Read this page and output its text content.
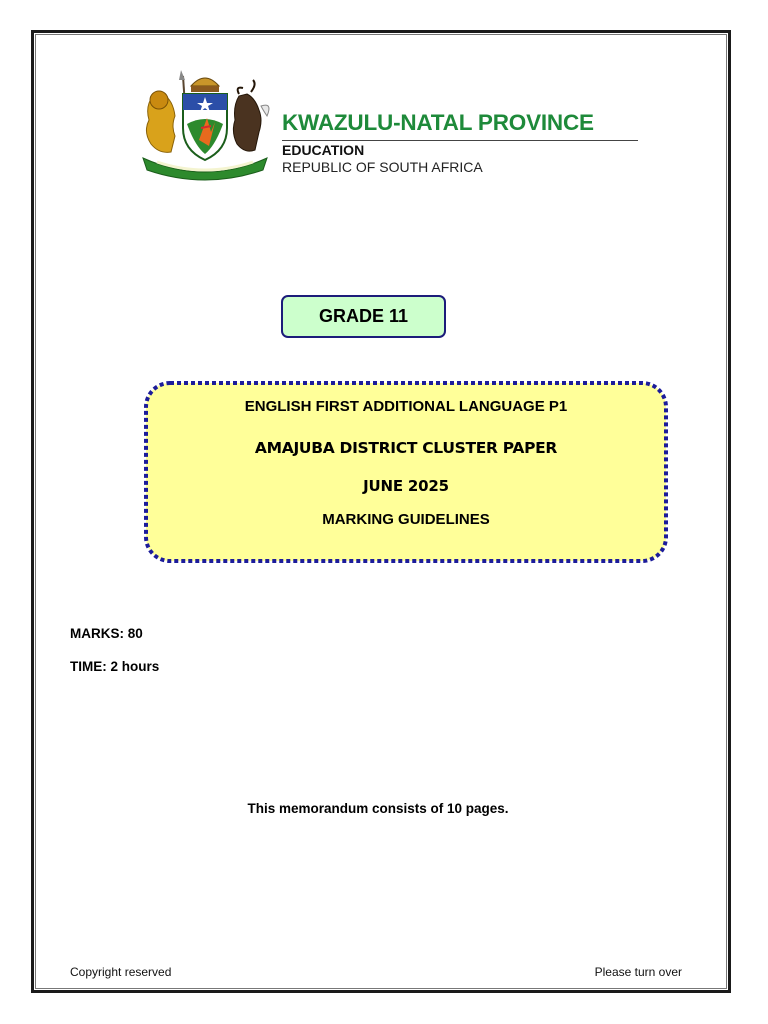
KWAZULU-NATAL PROVINCE
EDUCATION
REPUBLIC OF SOUTH AFRICA
GRADE 11
ENGLISH FIRST ADDITIONAL LANGUAGE P1
AMAJUBA DISTRICT CLUSTER PAPER
JUNE 2025
MARKING GUIDELINES
MARKS: 80
TIME: 2 hours
This memorandum consists of 10 pages.
Copyright reserved	Please turn over
